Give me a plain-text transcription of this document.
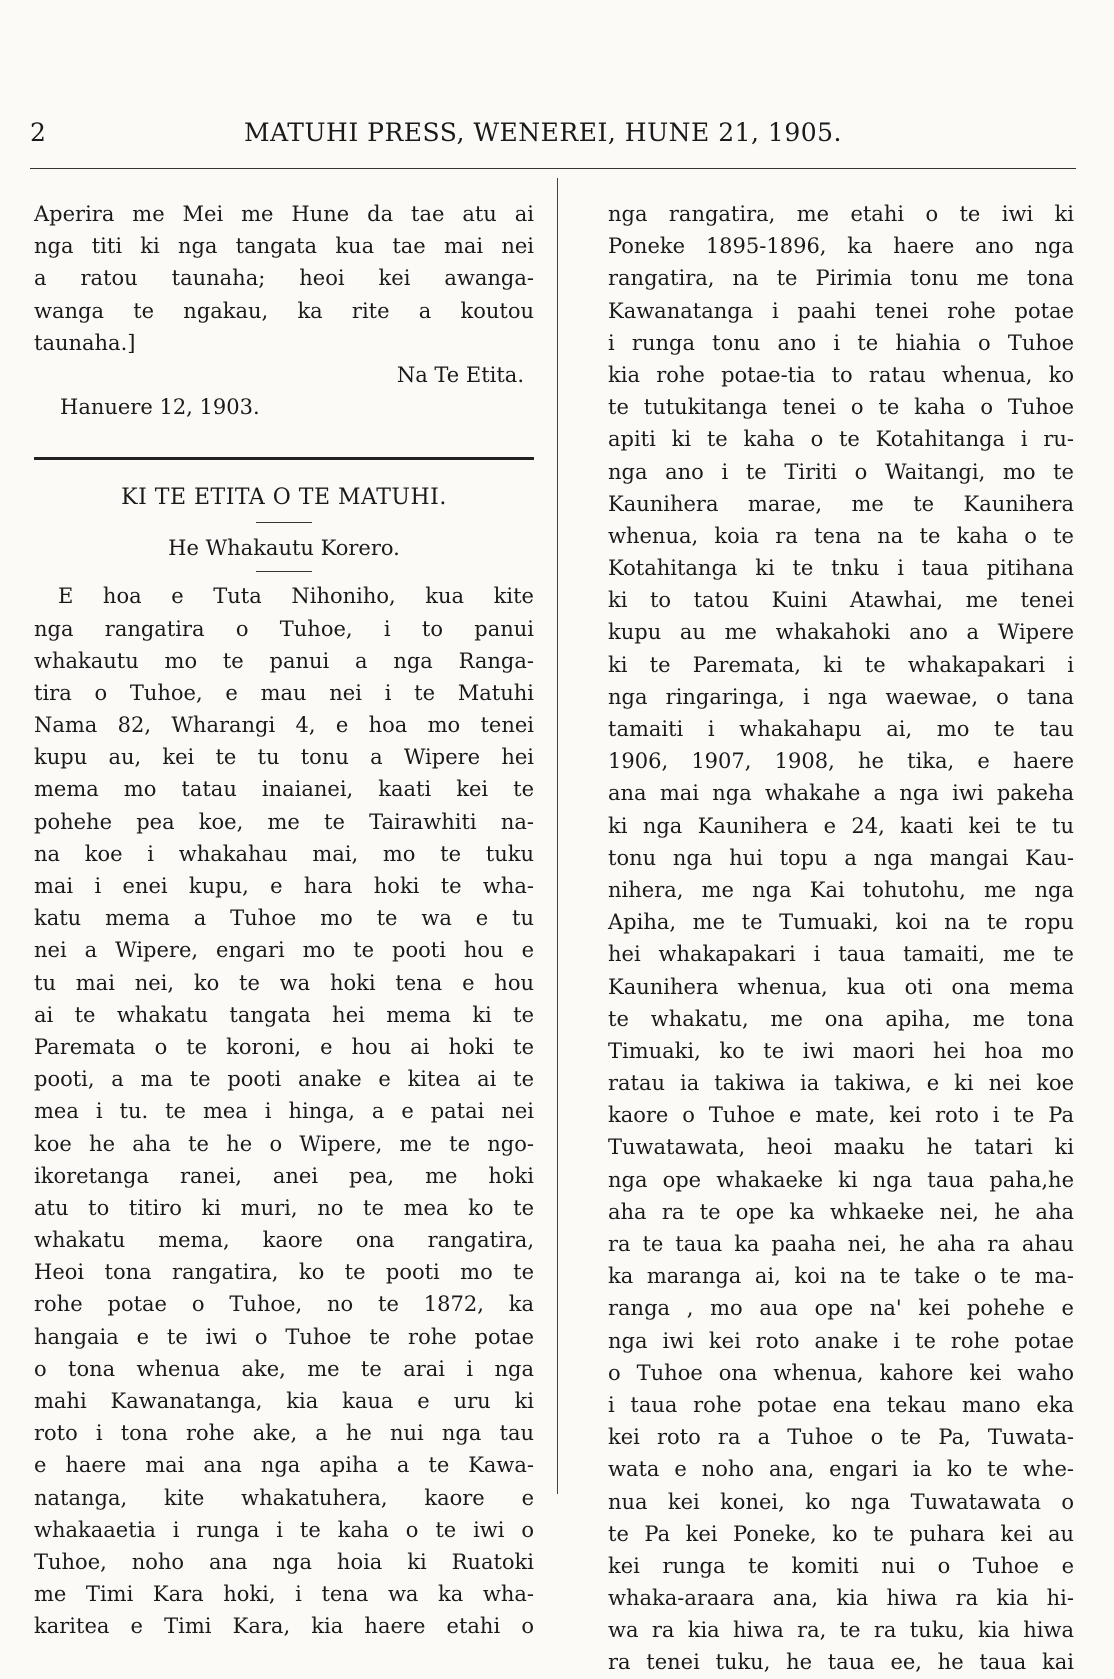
2	MATUHI PRESS, WENEREI, HUNE 21, 1905.
Aperira me Mei me Hune da tae atu ai
nga titi ki nga tangata kua tae mai nei
a ratou taunaha; heoi kei awanga-
wanga te ngakau, ka rite a koutou
taunaha.]
Na Te Etita.
Hanuere 12, 1903.
KI TE ETITA O TE MATUHI.
He Whakautu Korero.
E hoa e Tuta Nihoniho, kua kite
nga rangatira o Tuhoe, i to panui
whakautu mo te panui a nga Ranga-
tira o Tuhoe, e mau nei i te Matuhi
Nama 82, Wharangi 4, e hoa mo tenei
kupu au, kei te tu tonu a Wipere hei
mema mo tatau inaianei, kaati kei te
pohehe pea koe, me te Tairawhiti na-
na koe i whakahau mai, mo te tuku
mai i enei kupu, e hara hoki te wha-
katu mema a Tuhoe mo te wa e tu
nei a Wipere, engari mo te pooti hou e
tu mai nei, ko te wa hoki tena e hou
ai te whakatu tangata hei mema ki te
Paremata o te koroni, e hou ai hoki te
pooti, a ma te pooti anake e kitea ai te
mea i tu. te mea i hinga, a e patai nei
koe he aha te he o Wipere, me te ngo-
ikoretanga ranei, anei pea, me hoki
atu to titiro ki muri, no te mea ko te
whakatu mema, kaore ona rangatira,
Heoi tona rangatira, ko te pooti mo te
rohe potae o Tuhoe, no te 1872, ka
hangaia e te iwi o Tuhoe te rohe potae
o tona whenua ake, me te arai i nga
mahi Kawanatanga, kia kaua e uru ki
roto i tona rohe ake, a he nui nga tau
e haere mai ana nga apiha a te Kawa-
natanga, kite whakatuhera, kaore e
whakaaetia i runga i te kaha o te iwi o
Tuhoe, noho ana nga hoia ki Ruatoki
me Timi Kara hoki, i tena wa ka wha-
karitea e Timi Kara, kia haere etahi o
nga rangatira, me etahi o te iwi ki
Poneke 1895-1896, ka haere ano nga
rangatira, na te Pirimia tonu me tona
Kawanatanga i paahi tenei rohe potae
i runga tonu ano i te hiahia o Tuhoe
kia rohe potae-tia to ratau whenua, ko
te tutukitanga tenei o te kaha o Tuhoe
apiti ki te kaha o te Kotahitanga i ru-
nga ano i te Tiriti o Waitangi, mo te
Kaunihera marae, me te Kaunihera
whenua, koia ra tena na te kaha o te
Kotahitanga ki te tnku i taua pitihana
ki to tatou Kuini Atawhai, me tenei
kupu au me whakahoki ano a Wipere
ki te Paremata, ki te whakapakari i
nga ringaringa, i nga waewae, o tana
tamaiti i whakahapu ai, mo te tau
1906, 1907, 1908, he tika, e haere
ana mai nga whakahe a nga iwi pakeha
ki nga Kaunihera e 24, kaati kei te tu
tonu nga hui topu a nga mangai Kau-
nihera, me nga Kai tohutohu, me nga
Apiha, me te Tumuaki, koi na te ropu
hei whakapakari i taua tamaiti, me te
Kaunihera whenua, kua oti ona mema
te whakatu, me ona apiha, me tona
Timuaki, ko te iwi maori hei hoa mo
ratau ia takiwa ia takiwa, e ki nei koe
kaore o Tuhoe e mate, kei roto i te Pa
Tuwatawata, heoi maaku he tatari ki
nga ope whakaeke ki nga taua paha,he
aha ra te ope ka whkaeke nei, he aha
ra te taua ka paaha nei, he aha ra ahau
ka maranga ai, koi na te take o te ma-
ranga , mo aua ope na' kei pohehe e
nga iwi kei roto anake i te rohe potae
o Tuhoe ona whenua, kahore kei waho
i taua rohe potae ena tekau mano eka
kei roto ra a Tuhoe o te Pa, Tuwata-
wata e noho ana, engari ia ko te whe-
nua kei konei, ko nga Tuwatawata o
te Pa kei Poneke, ko te puhara kei au
kei runga te komiti nui o Tuhoe e
whaka-araara ana, kia hiwa ra kia hi-
wa ra kia hiwa ra, te ra tuku, kia hiwa
ra tenei tuku, he taua ee, he taua kai
